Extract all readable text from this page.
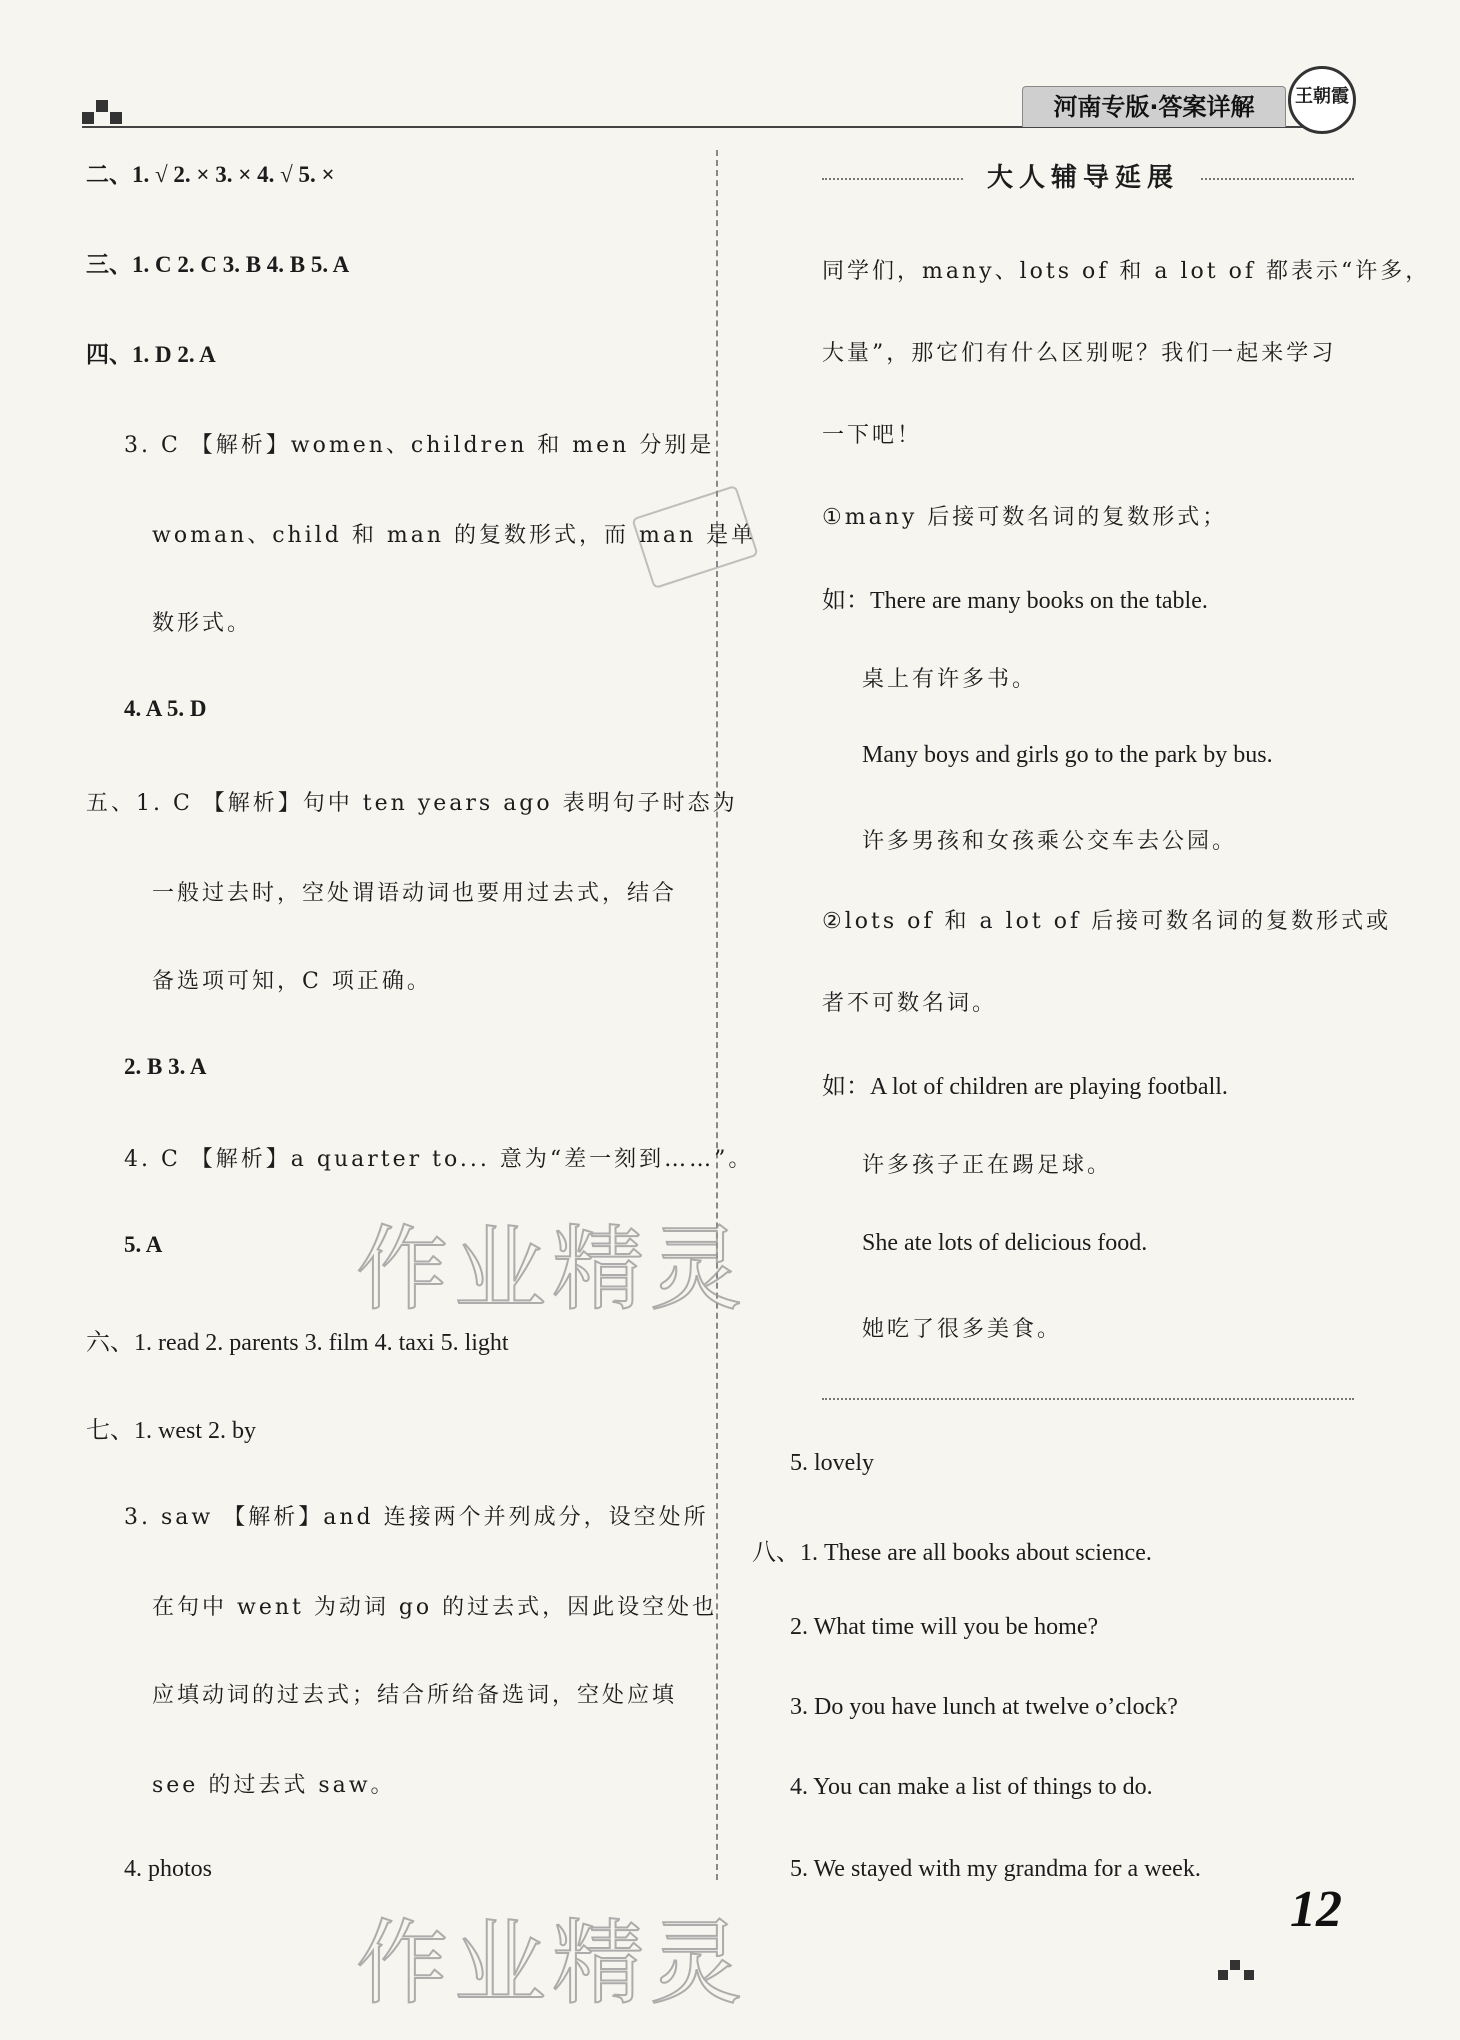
河南专版·答案详解	王朝霞
二、1. √ 2. × 3. × 4. √ 5. ×
三、1. C 2. C 3. B 4. B 5. A
四、1. D 2. A
3. C 【解析】women、children 和 men 分别是
woman、child 和 man 的复数形式，而 man 是单
数形式。
4. A 5. D
五、1. C 【解析】句中 ten years ago 表明句子时态为
一般过去时，空处谓语动词也要用过去式，结合
备选项可知，C 项正确。
2. B 3. A
4. C 【解析】a quarter to... 意为“差一刻到……”。
5. A
六、1. read 2. parents 3. film 4. taxi 5. light
七、1. west 2. by
3. saw 【解析】and 连接两个并列成分，设空处所
在句中 went 为动词 go 的过去式，因此设空处也
应填动词的过去式；结合所给备选词，空处应填
see 的过去式 saw。
4. photos
大人辅导延展
同学们，many、lots of 和 a lot of 都表示“许多，
大量”，那它们有什么区别呢？我们一起来学习
一下吧！
①many 后接可数名词的复数形式；
如：There are many books on the table.
桌上有许多书。
Many boys and girls go to the park by bus.
许多男孩和女孩乘公交车去公园。
②lots of 和 a lot of 后接可数名词的复数形式或
者不可数名词。
如：A lot of children are playing football.
许多孩子正在踢足球。
She ate lots of delicious food.
她吃了很多美食。
5. lovely
八、1. These are all books about science.
2. What time will you be home?
3. Do you have lunch at twelve o’clock?
4. You can make a list of things to do.
5. We stayed with my grandma for a week.
作业精灵
作业精灵
12
